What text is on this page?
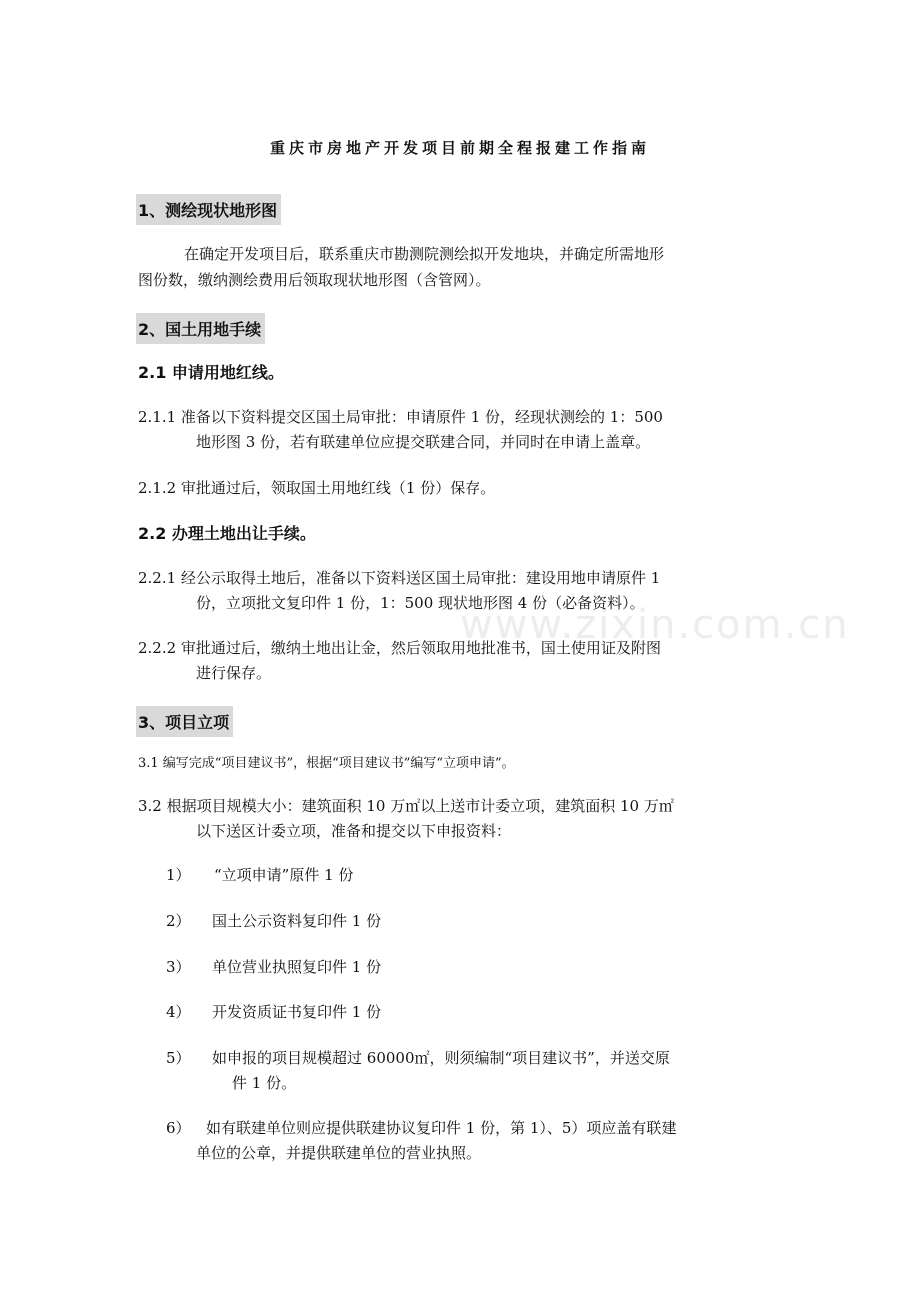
www.zixin.com.cn
重庆市房地产开发项目前期全程报建工作指南
1、测绘现状地形图
在确定开发项目后，联系重庆市勘测院测绘拟开发地块，并确定所需地形
图份数，缴纳测绘费用后领取现状地形图（含管网）。
2、国土用地手续
2.1 申请用地红线。
2.1.1 准备以下资料提交区国土局审批：申请原件 1 份，经现状测绘的 1：500
地形图 3 份，若有联建单位应提交联建合同，并同时在申请上盖章。
2.1.2 审批通过后，领取国土用地红线（1 份）保存。
2.2 办理土地出让手续。
2.2.1 经公示取得土地后，准备以下资料送区国土局审批：建设用地申请原件 1
份，立项批文复印件 1 份，1：500 现状地形图 4 份（必备资料）。
2.2.2 审批通过后，缴纳土地出让金，然后领取用地批准书，国土使用证及附图
进行保存。
3、项目立项
3.1 编写完成“项目建议书”，根据“项目建议书”编写“立项申请”。
3.2 根据项目规模大小：建筑面积 10 万㎡以上送市计委立项，建筑面积 10 万㎡
以下送区计委立项，准备和提交以下申报资料：
1） “立项申请”原件 1 份
2） 国土公示资料复印件 1 份
3） 单位营业执照复印件 1 份
4） 开发资质证书复印件 1 份
5） 如申报的项目规模超过 60000㎡，则须编制“项目建议书”，并送交原
件 1 份。
6） 如有联建单位则应提供联建协议复印件 1 份，第 1）、5）项应盖有联建
单位的公章，并提供联建单位的营业执照。
